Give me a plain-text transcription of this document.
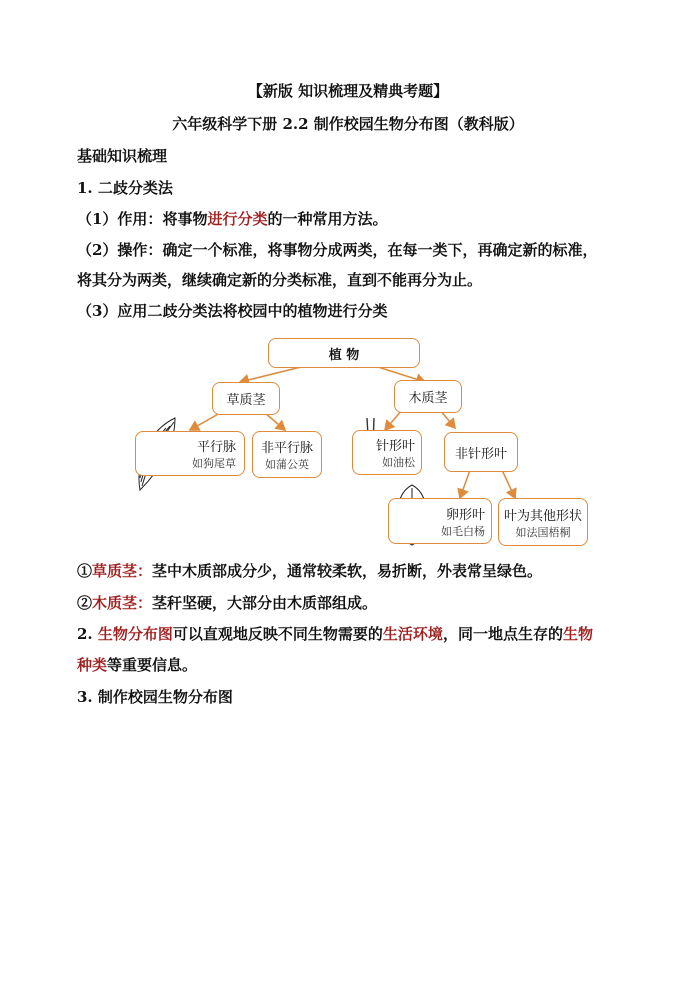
【新版 知识梳理及精典考题】
六年级科学下册 2.2 制作校园生物分布图（教科版）
基础知识梳理
1. 二歧分类法
（1）作用：将事物进行分类的一种常用方法。
（2）操作：确定一个标准，将事物分成两类，在每一类下，再确定新的标准，
将其分为两类，继续确定新的分类标准，直到不能再分为止。
（3）应用二歧分类法将校园中的植物进行分类
植 物
草质茎	木质茎
平行脉
如狗尾草
非平行脉
如蒲公英
针形叶
如油松
非针形叶
卵形叶
如毛白杨
叶为其他形状
如法国梧桐
①草质茎：茎中木质部成分少，通常较柔软，易折断，外表常呈绿色。
②木质茎：茎秆坚硬，大部分由木质部组成。
2. 生物分布图可以直观地反映不同生物需要的生活环境，同一地点生存的生物
种类等重要信息。
3. 制作校园生物分布图
